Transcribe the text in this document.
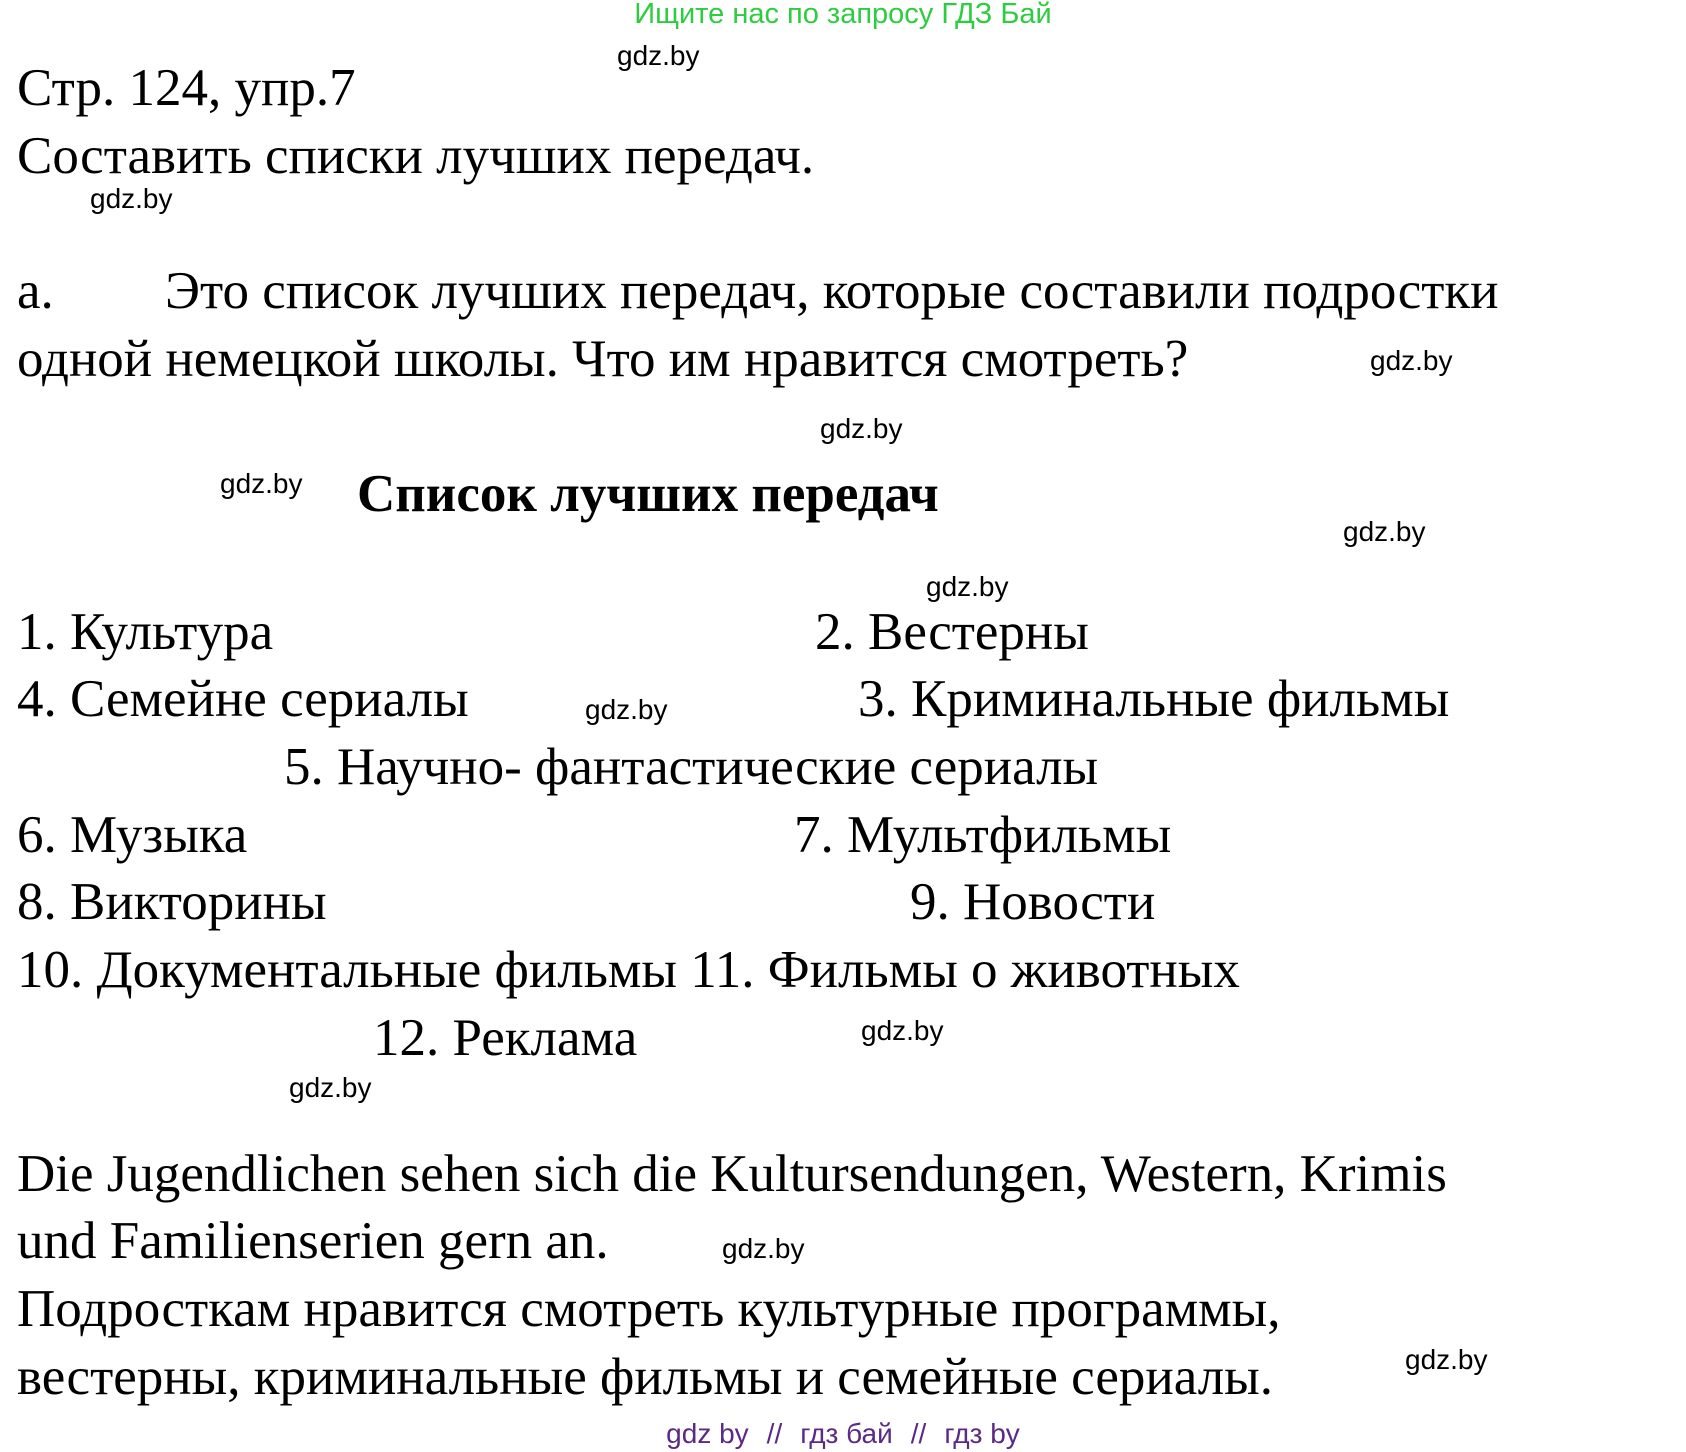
Ищите нас по запросу ГДЗ Бай
gdz.by
gdz.by
gdz.by
gdz.by
gdz.by
gdz.by
gdz.by
gdz.by
gdz.by
gdz.by
gdz.by
gdz.by
Стр. 124, упр.7
Составить списки лучших передач.
a. Это список лучших передач, которые составили подростки
одной немецкой школы. Что им нравится смотреть?
Список лучших передач
1. Культура	2. Вестерны
4. Семейне сериалы	3. Криминальные фильмы
5. Научно- фантастические сериалы
6. Музыка	7. Мультфильмы
8. Викторины	9. Новости
10. Документальные фильмы 11. Фильмы о животных
12. Реклама
Die Jugendlichen sehen sich die Kultursendungen, Western, Krimis
und Familienserien gern an.
Подросткам нравится смотреть культурные программы,
вестерны, криминальные фильмы и семейные сериалы.
gdz by // гдз бай // гдз by
